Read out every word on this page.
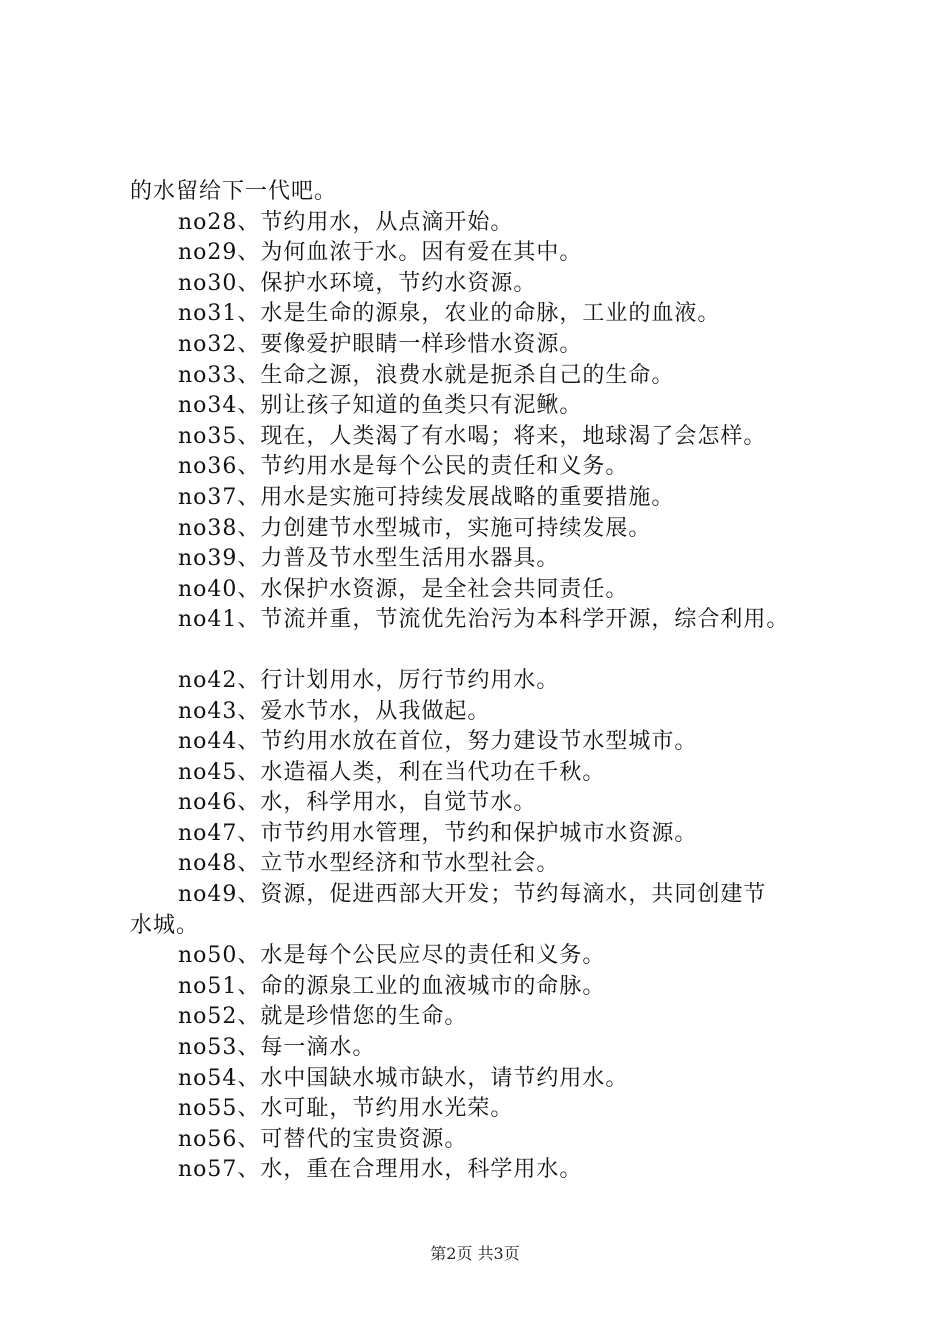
的水留给下一代吧。
no28、节约用水，从点滴开始。
no29、为何血浓于水。因有爱在其中。
no30、保护水环境，节约水资源。
no31、水是生命的源泉，农业的命脉，工业的血液。
no32、要像爱护眼睛一样珍惜水资源。
no33、生命之源，浪费水就是扼杀自己的生命。
no34、别让孩子知道的鱼类只有泥鳅。
no35、现在，人类渴了有水喝；将来，地球渴了会怎样。
no36、节约用水是每个公民的责任和义务。
no37、用水是实施可持续发展战略的重要措施。
no38、力创建节水型城市，实施可持续发展。
no39、力普及节水型生活用水器具。
no40、水保护水资源，是全社会共同责任。
no41、节流并重，节流优先治污为本科学开源，综合利用。
no42、行计划用水，厉行节约用水。
no43、爱水节水，从我做起。
no44、节约用水放在首位，努力建设节水型城市。
no45、水造福人类，利在当代功在千秋。
no46、水，科学用水，自觉节水。
no47、市节约用水管理，节约和保护城市水资源。
no48、立节水型经济和节水型社会。
no49、资源，促进西部大开发；节约每滴水，共同创建节
水城。
no50、水是每个公民应尽的责任和义务。
no51、命的源泉工业的血液城市的命脉。
no52、就是珍惜您的生命。
no53、每一滴水。
no54、水中国缺水城市缺水，请节约用水。
no55、水可耻，节约用水光荣。
no56、可替代的宝贵资源。
no57、水，重在合理用水，科学用水。
第2页 共3页
